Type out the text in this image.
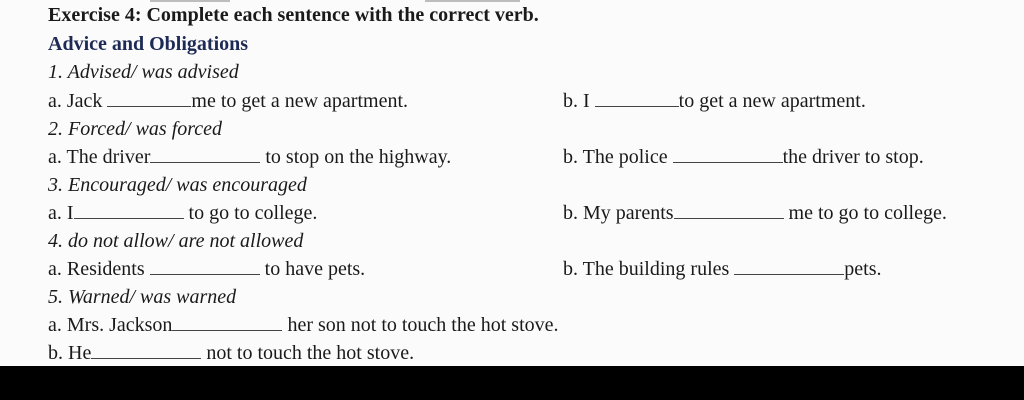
Exercise 4: Complete each sentence with the correct verb.
Advice and Obligations
1. Advised/ was advised
a. Jack	me to get a new apartment.	b. I	to get a new apartment.
2. Forced/ was forced
a. The driver	to stop on the highway.	b. The police	the driver to stop.
3. Encouraged/ was encouraged
a. I	to go to college.	b. My parents	me to go to college.
4. do not allow/ are not allowed
a. Residents	to have pets.	b. The building rules	pets.
5. Warned/ was warned
a. Mrs. Jackson	her son not to touch the hot stove.
b. He	not to touch the hot stove.
